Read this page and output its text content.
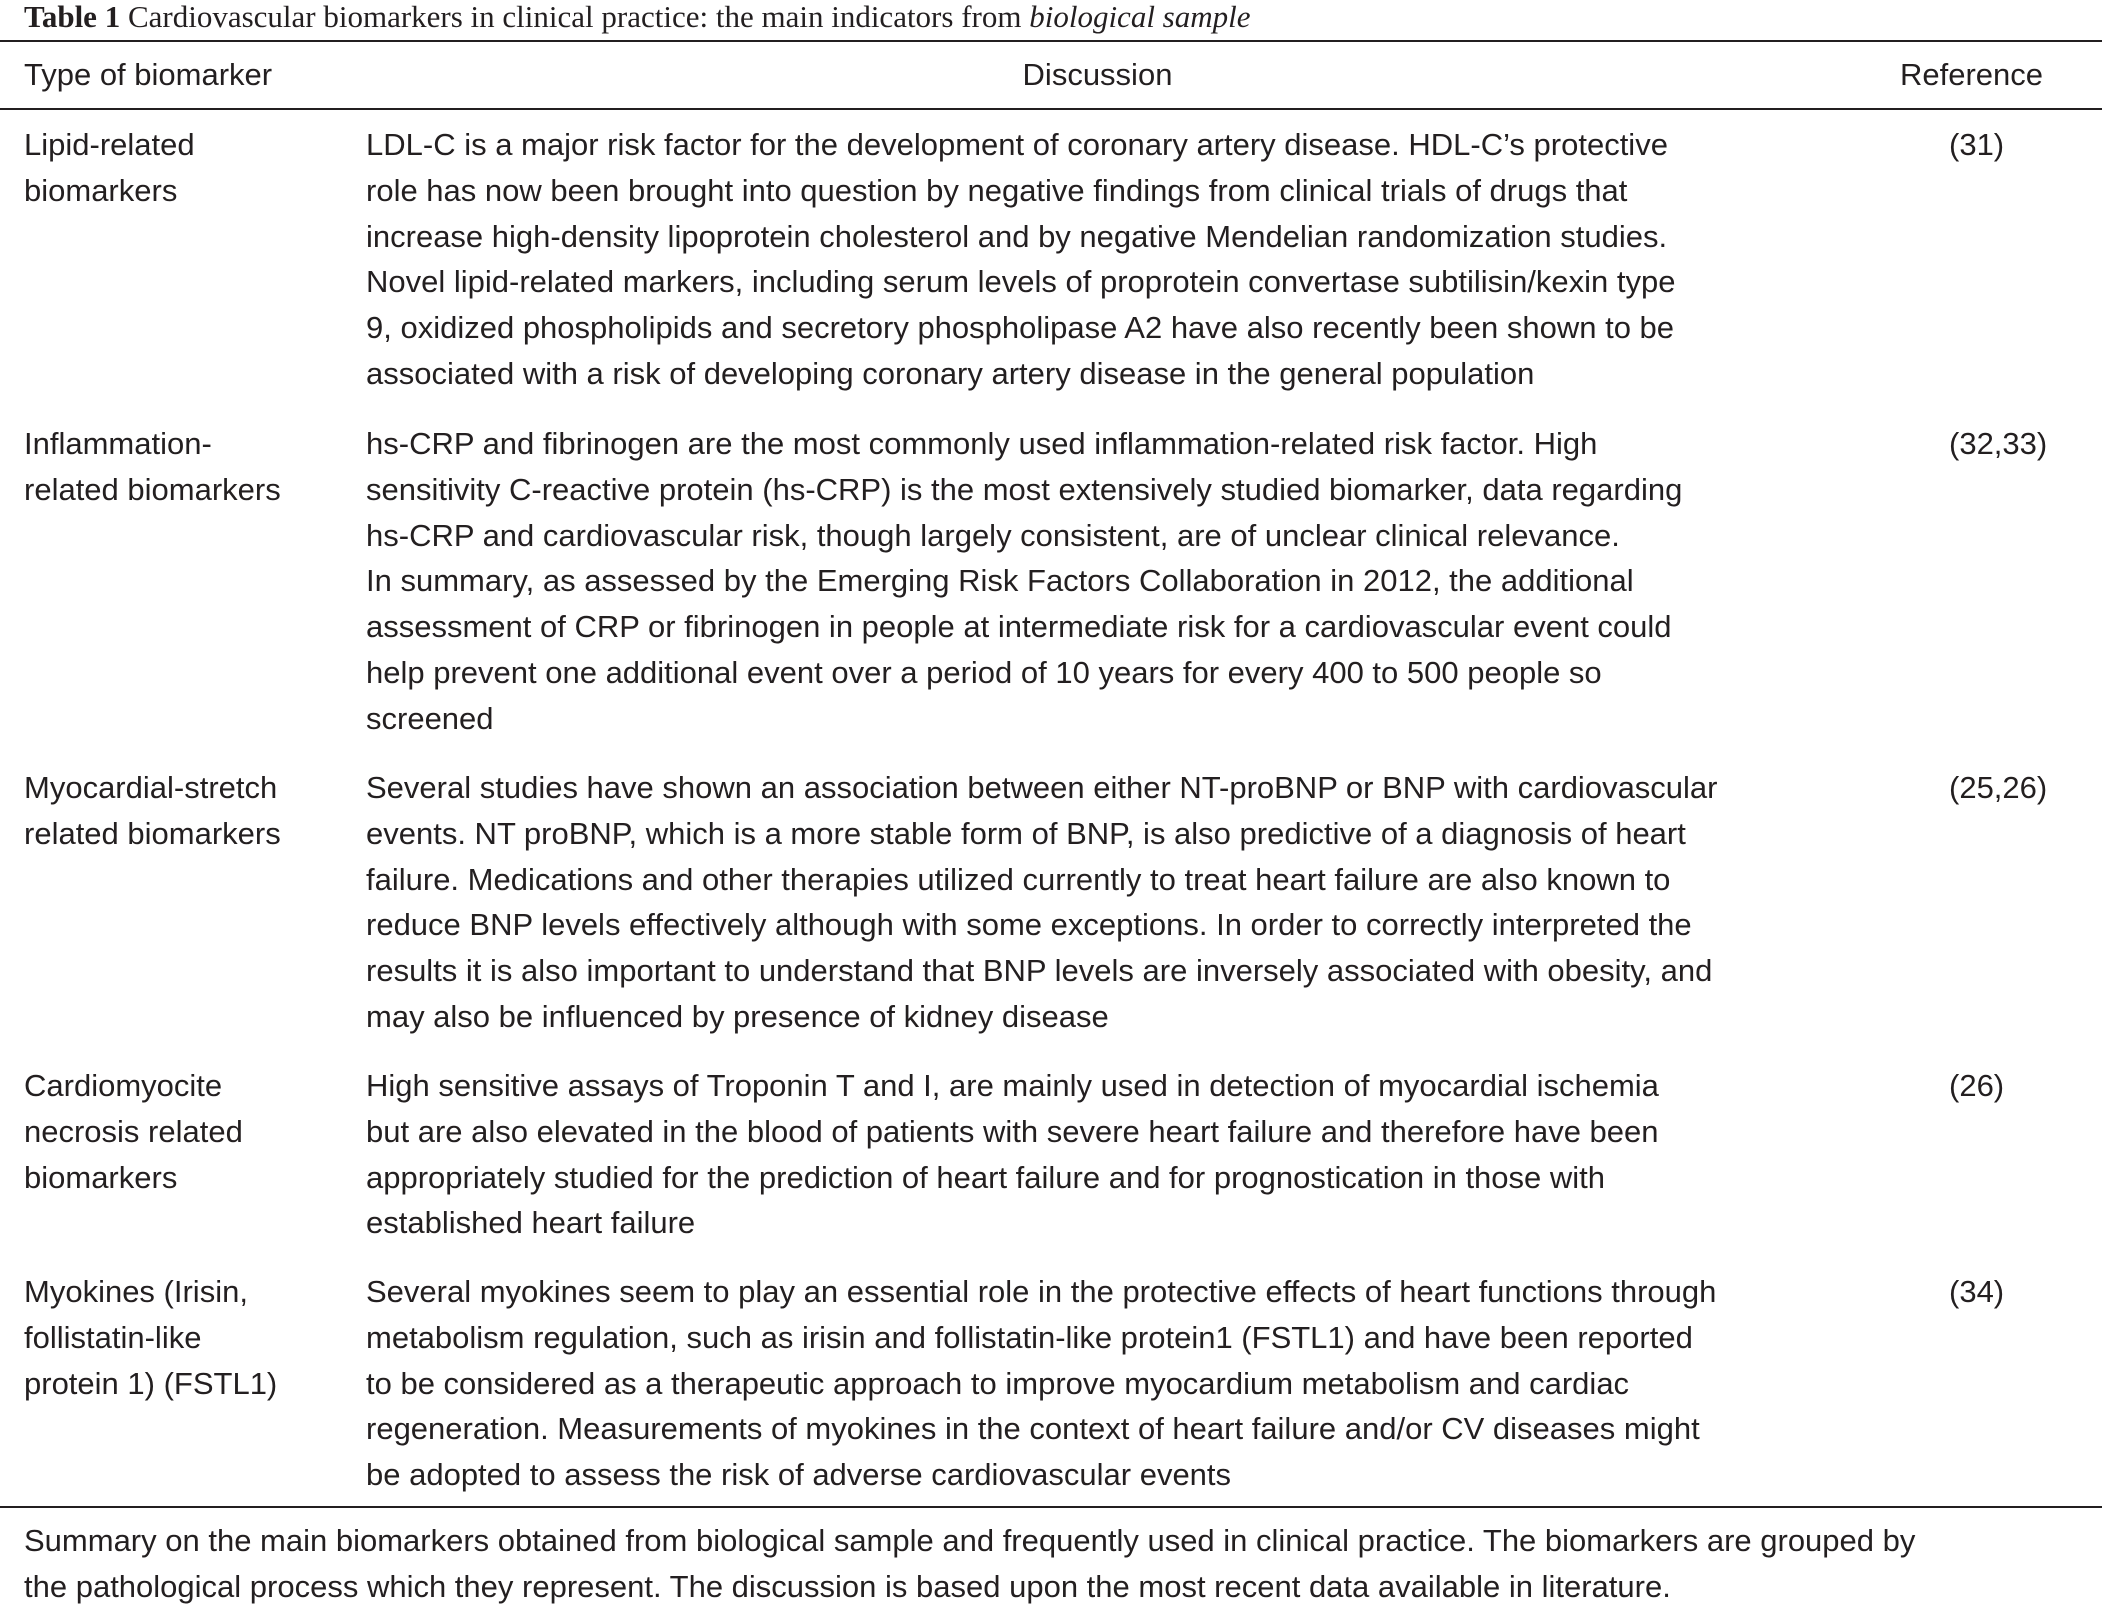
Table 1 Cardiovascular biomarkers in clinical practice: the main indicators from biological sample
Type of biomarker	Discussion	Reference
Lipid-related
biomarkers
LDL-C is a major risk factor for the development of coronary artery disease. HDL-C’s protective
role has now been brought into question by negative findings from clinical trials of drugs that
increase high-density lipoprotein cholesterol and by negative Mendelian randomization studies.
Novel lipid-related markers, including serum levels of proprotein convertase subtilisin/kexin type
9, oxidized phospholipids and secretory phospholipase A2 have also recently been shown to be
associated with a risk of developing coronary artery disease in the general population
(31)
Inflammation-
related biomarkers
hs-CRP and fibrinogen are the most commonly used inflammation-related risk factor. High
sensitivity C-reactive protein (hs-CRP) is the most extensively studied biomarker, data regarding
hs-CRP and cardiovascular risk, though largely consistent, are of unclear clinical relevance.
In summary, as assessed by the Emerging Risk Factors Collaboration in 2012, the additional
assessment of CRP or fibrinogen in people at intermediate risk for a cardiovascular event could
help prevent one additional event over a period of 10 years for every 400 to 500 people so
screened
(32,33)
Myocardial-stretch
related biomarkers
Several studies have shown an association between either NT-proBNP or BNP with cardiovascular
events. NT proBNP, which is a more stable form of BNP, is also predictive of a diagnosis of heart
failure. Medications and other therapies utilized currently to treat heart failure are also known to
reduce BNP levels effectively although with some exceptions. In order to correctly interpreted the
results it is also important to understand that BNP levels are inversely associated with obesity, and
may also be influenced by presence of kidney disease
(25,26)
Cardiomyocite
necrosis related
biomarkers
High sensitive assays of Troponin T and I, are mainly used in detection of myocardial ischemia
but are also elevated in the blood of patients with severe heart failure and therefore have been
appropriately studied for the prediction of heart failure and for prognostication in those with
established heart failure
(26)
Myokines (Irisin,
follistatin-like
protein 1) (FSTL1)
Several myokines seem to play an essential role in the protective effects of heart functions through
metabolism regulation, such as irisin and follistatin-like protein1 (FSTL1) and have been reported
to be considered as a therapeutic approach to improve myocardium metabolism and cardiac
regeneration. Measurements of myokines in the context of heart failure and/or CV diseases might
be adopted to assess the risk of adverse cardiovascular events
(34)
Summary on the main biomarkers obtained from biological sample and frequently used in clinical practice. The biomarkers are grouped by
the pathological process which they represent. The discussion is based upon the most recent data available in literature.
